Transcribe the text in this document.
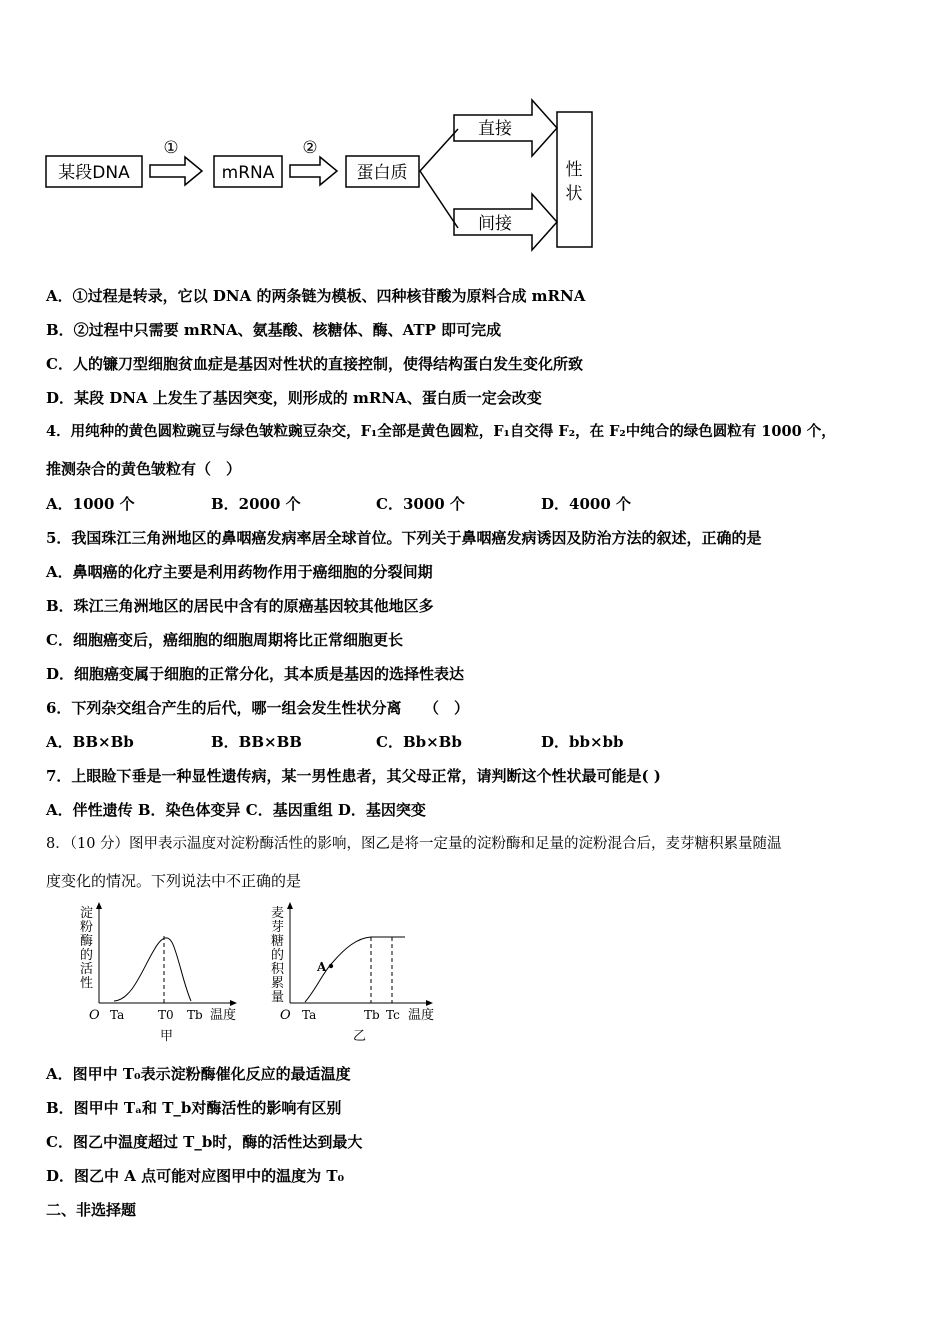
某段DNA
①
mRNA
②
蛋白质
直接
间接
性
状
A．①过程是转录，它以 DNA 的两条链为模板、四种核苷酸为原料合成 mRNA
B．②过程中只需要 mRNA、氨基酸、核糖体、酶、ATP 即可完成
C．人的镰刀型细胞贫血症是基因对性状的直接控制，使得结构蛋白发生变化所致
D．某段 DNA 上发生了基因突变，则形成的 mRNA、蛋白质一定会改变
4．用纯种的黄色圆粒豌豆与绿色皱粒豌豆杂交，F₁全部是黄色圆粒，F₁自交得 F₂，在 F₂中纯合的绿色圆粒有 1000 个，
推测杂合的黄色皱粒有（　）
A．1000 个	B．2000 个	C．3000 个	D．4000 个
5．我国珠江三角洲地区的鼻咽癌发病率居全球首位。下列关于鼻咽癌发病诱因及防治方法的叙述，正确的是
A．鼻咽癌的化疗主要是利用药物作用于癌细胞的分裂间期
B．珠江三角洲地区的居民中含有的原癌基因较其他地区多
C．细胞癌变后，癌细胞的细胞周期将比正常细胞更长
D．细胞癌变属于细胞的正常分化，其本质是基因的选择性表达
6．下列杂交组合产生的后代，哪一组会发生性状分离　　（　）
A．BB×Bb	B．BB×BB	C．Bb×Bb	D．bb×bb
7．上眼睑下垂是一种显性遗传病，某一男性患者，其父母正常，请判断这个性状最可能是( )
A．伴性遗传 B．染色体变异 C．基因重组 D．基因突变
8．（10 分）图甲表示温度对淀粉酶活性的影响，图乙是将一定量的淀粉酶和足量的淀粉混合后，麦芽糖积累量随温
度变化的情况。下列说法中不正确的是
淀
粉
酶
的
活
性
O Ta	T0 Tb 温度
甲
麦
芽
糖
的
积
累
量
A
O Ta	Tb Tc 温度
乙
A．图甲中 T₀表示淀粉酶催化反应的最适温度
B．图甲中 Tₐ和 T_b对酶活性的影响有区别
C．图乙中温度超过 T_b时，酶的活性达到最大
D．图乙中 A 点可能对应图甲中的温度为 T₀
二、非选择题
